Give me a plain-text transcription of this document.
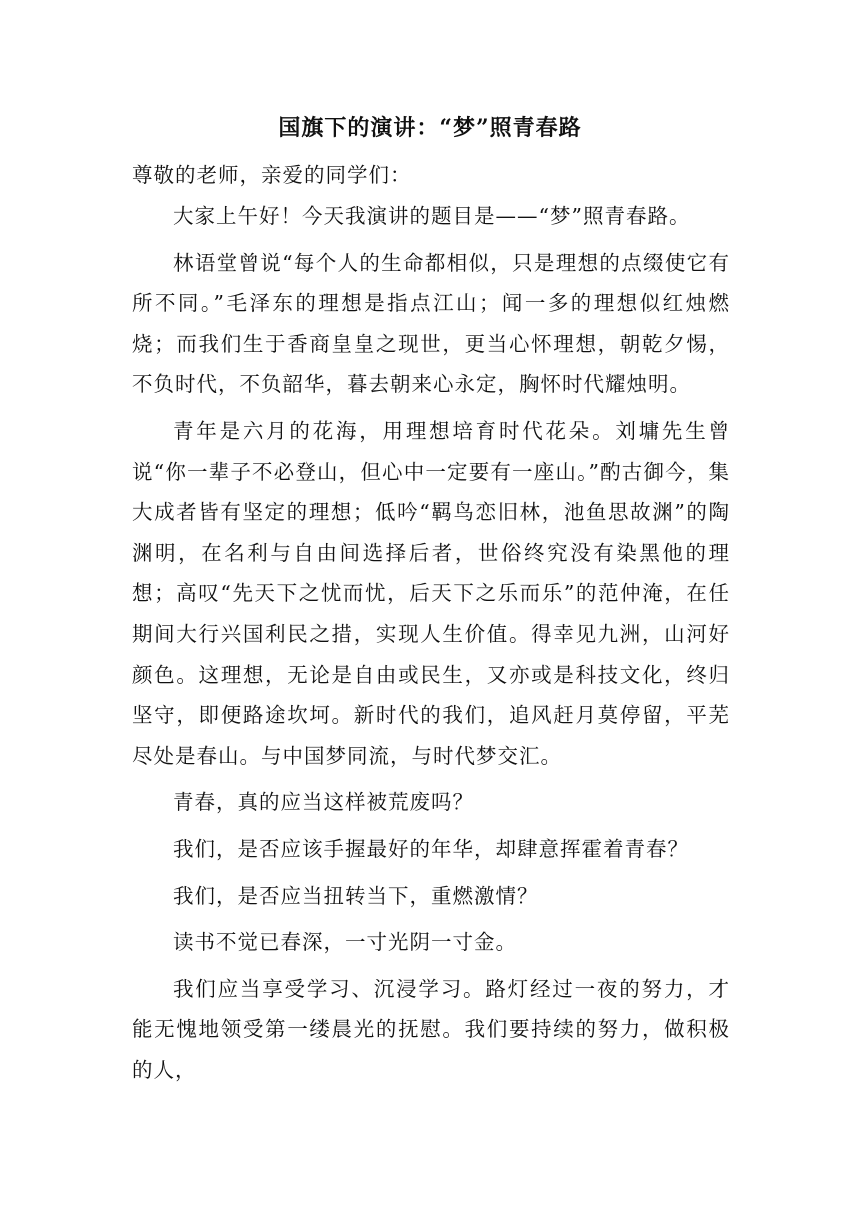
国旗下的演讲：“梦”照青春路

尊敬的老师，亲爱的同学们：

大家上午好！今天我演讲的题目是——“梦”照青春路。

林语堂曾说“每个人的生命都相似，只是理想的点缀使它有所不同。”毛泽东的理想是指点江山；闻一多的理想似红烛燃烧；而我们生于香商皇皇之现世，更当心怀理想，朝乾夕惕，不负时代，不负韶华，暮去朝来心永定，胸怀时代耀烛明。

青年是六月的花海，用理想培育时代花朵。刘墉先生曾说“你一辈子不必登山，但心中一定要有一座山。”酌古御今，集大成者皆有坚定的理想；低吟“羁鸟恋旧林，池鱼思故渊”的陶渊明，在名利与自由间选择后者，世俗终究没有染黑他的理想；高叹“先天下之忧而忧，后天下之乐而乐”的范仲淹，在任期间大行兴国利民之措，实现人生价值。得幸见九洲，山河好颜色。这理想，无论是自由或民生，又亦或是科技文化，终归坚守，即便路途坎坷。新时代的我们，追风赶月莫停留，平芜尽处是春山。与中国梦同流，与时代梦交汇。

青春，真的应当这样被荒废吗？

我们，是否应该手握最好的年华，却肆意挥霍着青春？

我们，是否应当扭转当下，重燃激情？

读书不觉已春深，一寸光阴一寸金。

我们应当享受学习、沉浸学习。路灯经过一夜的努力，才能无愧地领受第一缕晨光的抚慰。我们要持续的努力，做积极的人，
